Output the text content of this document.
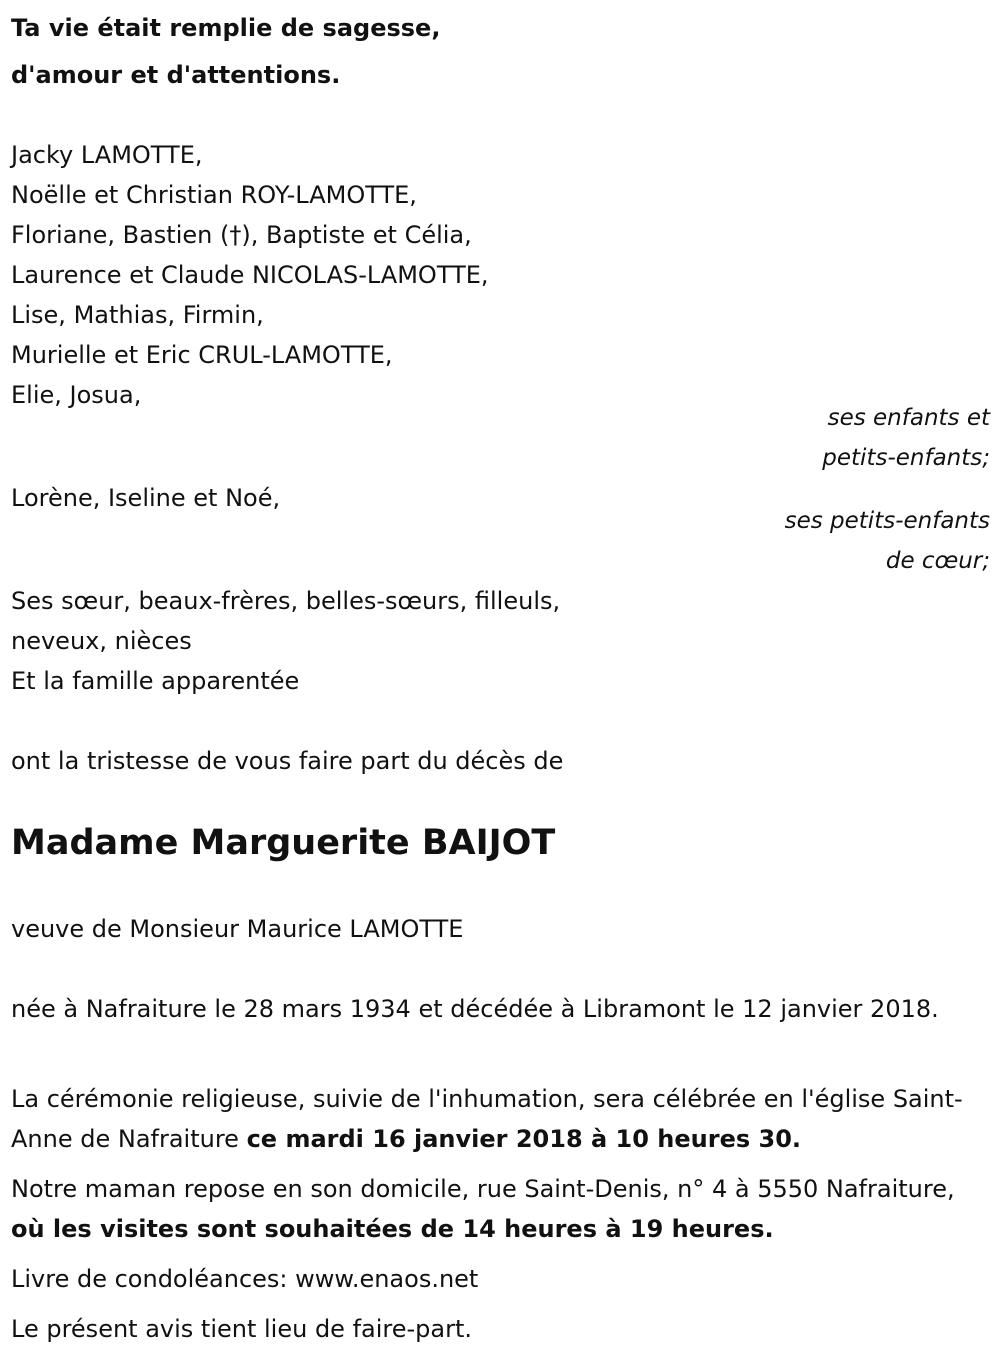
Ta vie était remplie de sagesse,
d'amour et d'attentions.
Jacky LAMOTTE,
Noëlle et Christian ROY-LAMOTTE,
Floriane, Bastien (†), Baptiste et Célia,
Laurence et Claude NICOLAS-LAMOTTE,
Lise, Mathias, Firmin,
Murielle et Eric CRUL-LAMOTTE,
Elie, Josua,
ses enfants et
petits-enfants;
Lorène, Iseline et Noé,
ses petits-enfants
de cœur;
Ses sœur, beaux-frères, belles-sœurs, filleuls,
neveux, nièces
Et la famille apparentée
ont la tristesse de vous faire part du décès de
Madame Marguerite BAIJOT
veuve de Monsieur Maurice LAMOTTE
née à Nafraiture le 28 mars 1934 et décédée à Libramont le 12 janvier 2018.
La cérémonie religieuse, suivie de l'inhumation, sera célébrée en l'église Saint-Anne de Nafraiture ce mardi 16 janvier 2018 à 10 heures 30.
Notre maman repose en son domicile, rue Saint-Denis, n° 4 à 5550 Nafraiture, où les visites sont souhaitées de 14 heures à 19 heures.
Livre de condoléances: www.enaos.net
Le présent avis tient lieu de faire-part.
